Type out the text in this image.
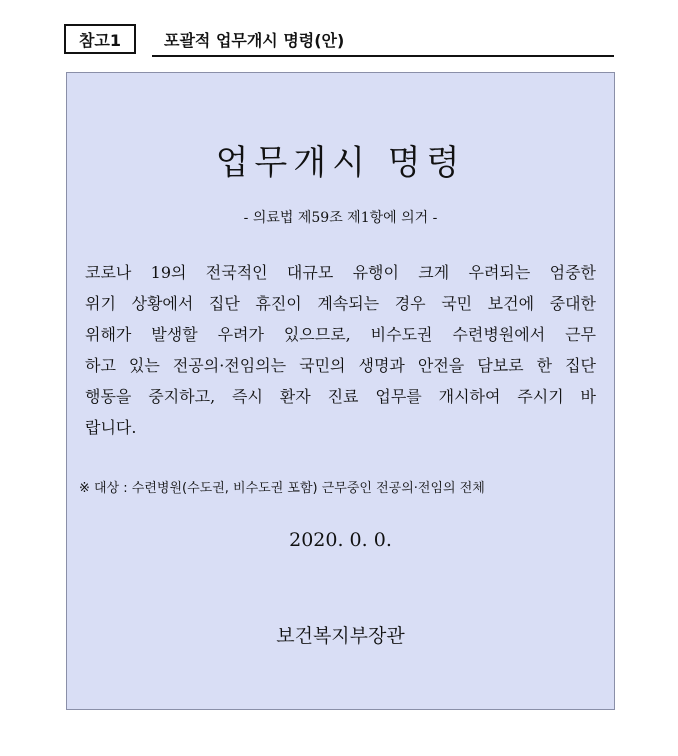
참고1	포괄적 업무개시 명령(안)
업무개시 명령
- 의료법 제59조 제1항에 의거 -
코로나 19의 전국적인 대규모 유행이 크게 우려되는 엄중한
위기 상황에서 집단 휴진이 계속되는 경우 국민 보건에 중대한
위해가 발생할 우려가 있으므로, 비수도권 수련병원에서 근무
하고 있는 전공의·전임의는 국민의 생명과 안전을 담보로 한 집단
행동을 중지하고, 즉시 환자 진료 업무를 개시하여 주시기 바
랍니다.
※ 대상 : 수련병원(수도권, 비수도권 포함) 근무중인 전공의·전임의 전체
2020. 0. 0.
보건복지부장관
